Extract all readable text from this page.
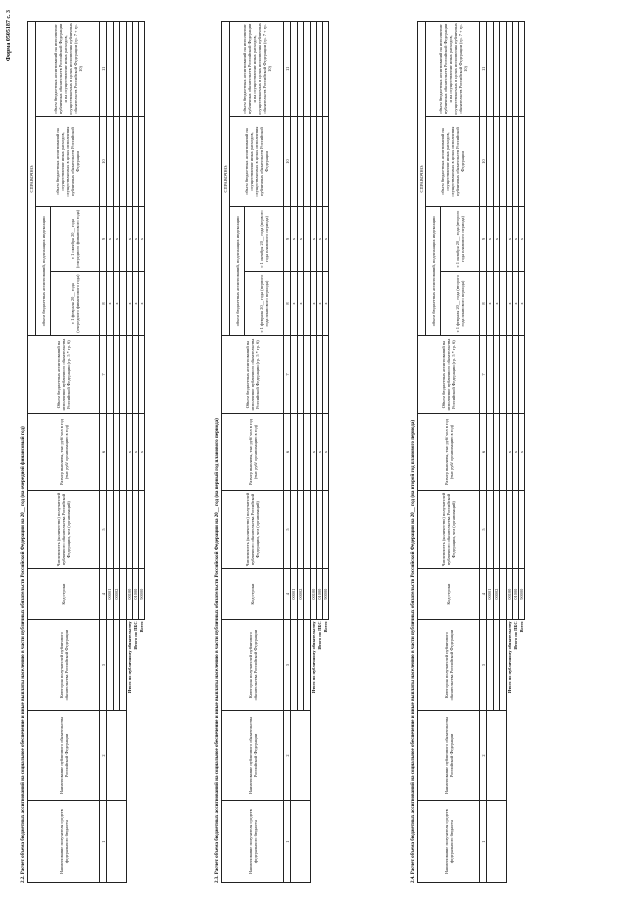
Форма 0505187 с. 3
2.2. Расчет объема бюджетных ассигнований на социальное обеспечение и иные выплаты населению в части публичных обязательств Российской Федерации на 20__ год (на очередной финансовый год)	Наименование получателя средств федерального бюджета	Наименование публичного обязательства Российской Федерации	Категория получателей публичного обязательства Российской Федерации	Код строки	Численность (количество) получателей публичного обязательства Российской Федерации, чел (организаций)	Размер выплаты, тыс руб/ чел в год (тыс руб/ организацию в год)	Объем бюджетных ассигнований на исполнение публичного обязательства Российской Федерации (гр. 5 * гр. 6)	СПРАВОЧНО:			
							объем бюджетных ассигнований, подлежащих индексации		объем бюджетных ассигнований на осуществление иных расходов, осуществляемых в целях исполнения публичных обязательств Российской Федерации	объем бюджетных ассигнований на исполнение публичных обязательств Российской Федерации и на осуществление иных расходов, осуществляемых в целях исполнения публичных обязательств Российской Федерации (гр. 7 + гр. 10)
							с 1 февраля 20__ года (очередного финансового года)	с 1 октября 20__ года (очередного финансового года)		
1	2	3	4	5	6	7	8	9	10	11
			00001				x	x		
			00002				x	x		

Итого по публичному обязательству			00100		x		x	x		
Итого по ПБС			01000		x		x	x		
Всего			90000		x		x	x		
2.3. Расчет объема бюджетных ассигнований на социальное обеспечение и иные выплаты населению в части публичных обязательств Российской Федерации на 20__ год (на первый год планового периода)	Наименование получателя средств федерального бюджета	Наименование публичного обязательства Российской Федерации	Категория получателей публичного обязательства Российской Федерации	Код строки	Численность (количество) получателей публичного обязательства Российской Федерации, чел (организаций)	Размер выплаты, тыс руб/ чел в год (тыс руб/ организацию в год)	Объем бюджетных ассигнований на исполнение публичного обязательства Российской Федерации (гр. 5 * гр. 6)	СПРАВОЧНО:			
							объем бюджетных ассигнований, подлежащих индексации		объем бюджетных ассигнований на осуществление иных расходов, осуществляемых в целях исполнения публичных обязательств Российской Федерации	объем бюджетных ассигнований на исполнение публичных обязательств Российской Федерации и на осуществление иных расходов, осуществляемых в целях исполнения публичных обязательств Российской Федерации (гр. 7 + гр. 10)
							с 1 февраля 20__ года (первого года планового периода)	с 1 октября 20__ года (первого года планового периода)		
1	2	3	4	5	6	7	8	9	10	11
			00001				x	x		
			00002				x	x		

Итого по публичному обязательству			00100		x		x	x		
Итого по ПБС			01000		x		x	x		
Всего			90000		x		x	x		
2.4. Расчет объема бюджетных ассигнований на социальное обеспечение и иные выплаты населению в части публичных обязательств Российской Федерации на 20__ год (на второй год планового периода)	Наименование получателя средств федерального бюджета	Наименование публичного обязательства Российской Федерации	Категория получателей публичного обязательства Российской Федерации	Код строки	Численность (количество) получателей публичного обязательства Российской Федерации, чел (организаций)	Размер выплаты, тыс руб/ чел в год (тыс руб/ организацию в год)	Объем бюджетных ассигнований на исполнение публичного обязательства Российской Федерации (гр. 5 * гр. 6)	СПРАВОЧНО:			
							объем бюджетных ассигнований, подлежащих индексации		объем бюджетных ассигнований на осуществление иных расходов, осуществляемых в целях исполнения публичных обязательств Российской Федерации	объем бюджетных ассигнований на исполнение публичных обязательств Российской Федерации и на осуществление иных расходов, осуществляемых в целях исполнения публичных обязательств Российской Федерации (гр. 7 + гр. 10)
							с 1 февраля 20__ года (второго года планового периода)	с 1 октября 20__ года (второго года планового периода)		
1	2	3	4	5	6	7	8	9	10	11
			00001				x	x		
			00002				x	x		

Итого по публичному обязательству			00100		x		x	x		
Итого по ПБС			01000		x		x	x		
Всего			90000		x		x	x		
